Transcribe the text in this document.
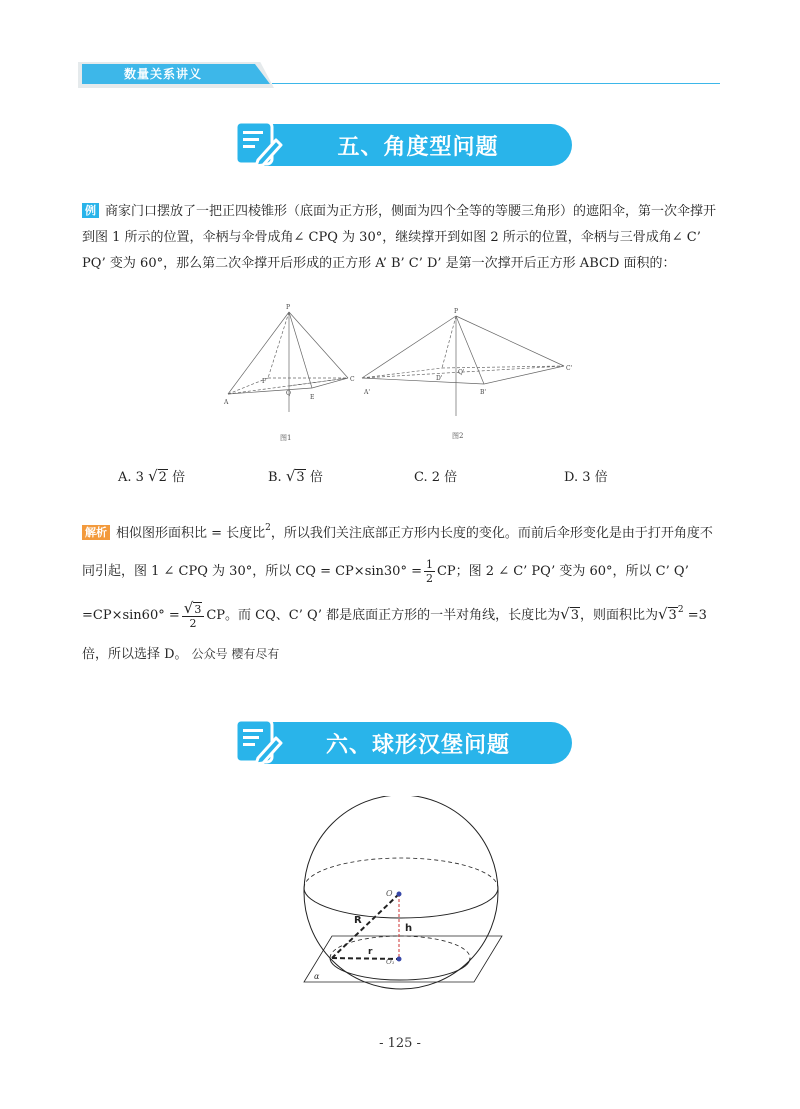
数量关系讲义
五、角度型问题
例 商家门口摆放了一把正四棱锥形（底面为正方形，侧面为四个全等的等腰三角形）的遮阳伞，第一次伞撑开到图 1 所示的位置，伞柄与伞骨成角∠ CPQ 为 30°，继续撑开到如图 2 所示的位置，伞柄与三骨成角∠ C’ PQ’ 变为 60°，那么第二次伞撑开后形成的正方形 A’ B’ C’ D’ 是第一次撑开后正方形 ABCD 面积的：
P
A
C
Q
E
F
图1
P
A'	B'
C'
D'
Q'
图2
A. 3 √2 倍	B. √3 倍	C. 2 倍	D. 3 倍
解析 相似图形面积比 = 长度比$^2$，所以我们关注底部正方形内长度的变化。而前后伞形变化是由于打开角度不同引起，图 1 ∠ CPQ 为 30°，所以 CQ = $CP\times\sin 30^\circ = \frac{1}{2}$ CP；图 2 ∠ C’ PQ’ 变为 60°，所以 C’ Q’ $=CP\times\sin 60^\circ = \frac{√3}{2}$ CP。而 CQ、C’ Q’ 都是底面正方形的一半对角线，长度比为√3，则面积比为$√3^2 =3$ 倍，所以选择 D。 公众号 樱有尽有
六、球形汉堡问题
O
R
h
r
O₁
α
- 125 -
